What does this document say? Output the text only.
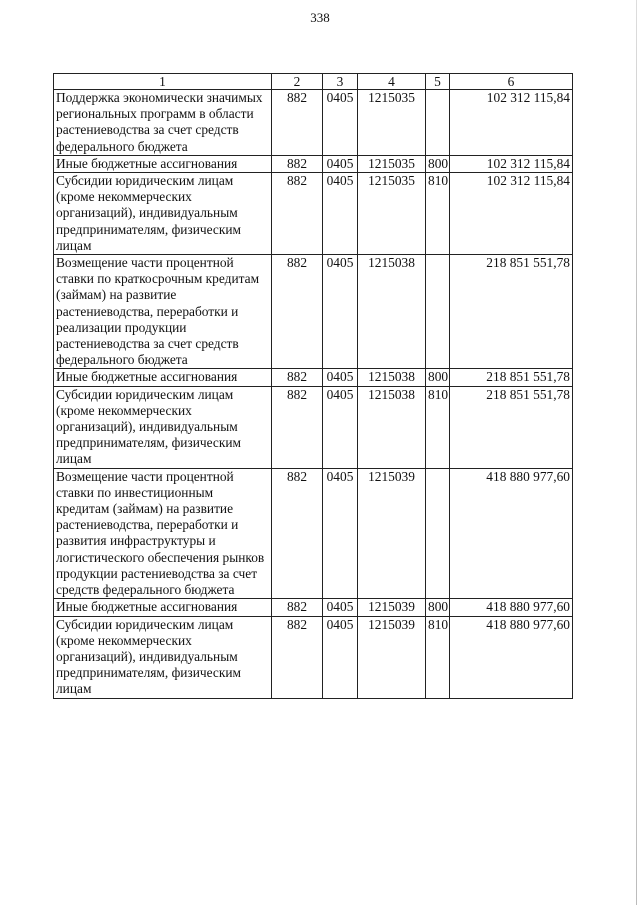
338
1	2	3	4	5	6
Поддержка экономически значимых региональных программ в области растениеводства за счет средств федерального бюджета	882	0405	1215035		102 312 115,84
Иные бюджетные ассигнования	882	0405	1215035	800	102 312 115,84
Субсидии юридическим лицам (кроме некоммерческих организаций), индивидуальным предпринимателям, физическим лицам	882	0405	1215035	810	102 312 115,84
Возмещение части процентной ставки по краткосрочным кредитам (займам) на развитие растениеводства, переработки и реализации продукции растениеводства за счет средств федерального бюджета	882	0405	1215038		218 851 551,78
Иные бюджетные ассигнования	882	0405	1215038	800	218 851 551,78
Субсидии юридическим лицам (кроме некоммерческих организаций), индивидуальным предпринимателям, физическим лицам	882	0405	1215038	810	218 851 551,78
Возмещение части процентной ставки по инвестиционным кредитам (займам) на развитие растениеводства, переработки и развития инфраструктуры и логистического обеспечения рынков продукции растениеводства за счет средств федерального бюджета	882	0405	1215039		418 880 977,60
Иные бюджетные ассигнования	882	0405	1215039	800	418 880 977,60
Субсидии юридическим лицам (кроме некоммерческих организаций), индивидуальным предпринимателям, физическим лицам	882	0405	1215039	810	418 880 977,60
